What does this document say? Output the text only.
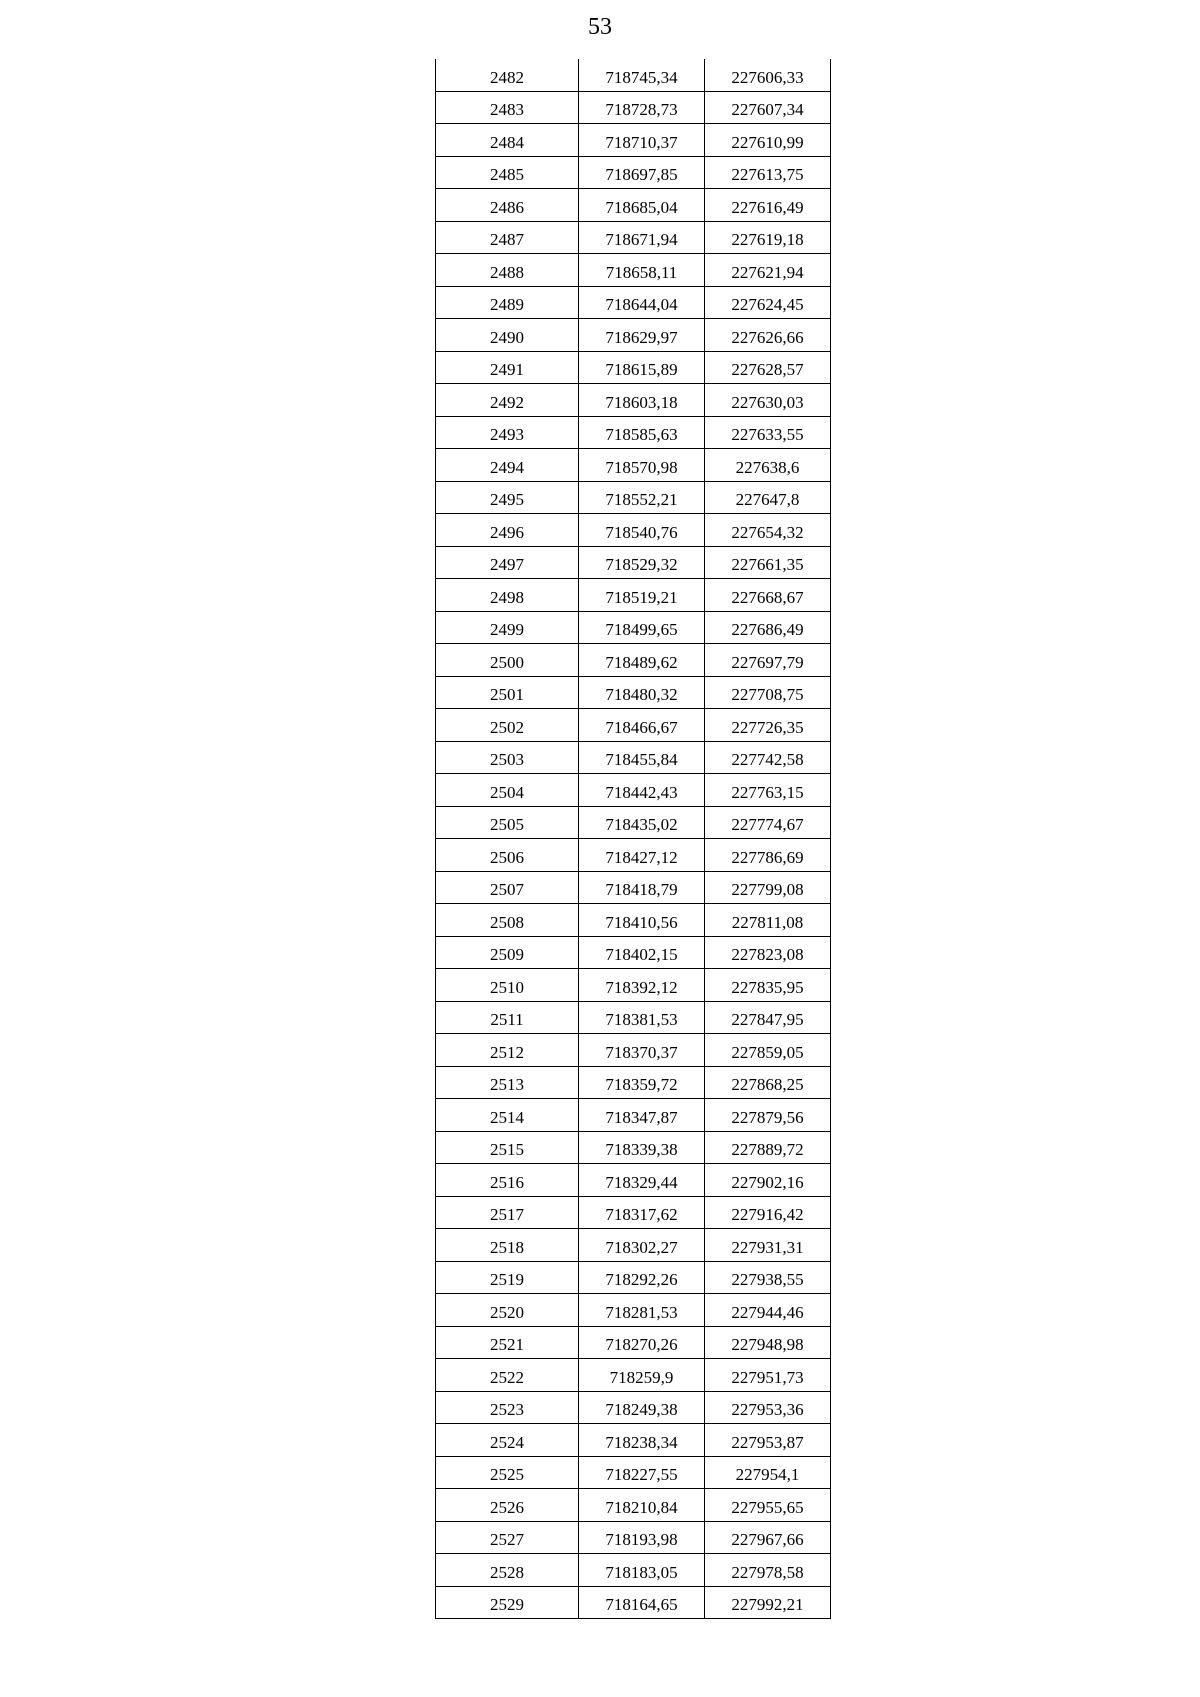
53
2482	718745,34	227606,33
2483	718728,73	227607,34
2484	718710,37	227610,99
2485	718697,85	227613,75
2486	718685,04	227616,49
2487	718671,94	227619,18
2488	718658,11	227621,94
2489	718644,04	227624,45
2490	718629,97	227626,66
2491	718615,89	227628,57
2492	718603,18	227630,03
2493	718585,63	227633,55
2494	718570,98	227638,6
2495	718552,21	227647,8
2496	718540,76	227654,32
2497	718529,32	227661,35
2498	718519,21	227668,67
2499	718499,65	227686,49
2500	718489,62	227697,79
2501	718480,32	227708,75
2502	718466,67	227726,35
2503	718455,84	227742,58
2504	718442,43	227763,15
2505	718435,02	227774,67
2506	718427,12	227786,69
2507	718418,79	227799,08
2508	718410,56	227811,08
2509	718402,15	227823,08
2510	718392,12	227835,95
2511	718381,53	227847,95
2512	718370,37	227859,05
2513	718359,72	227868,25
2514	718347,87	227879,56
2515	718339,38	227889,72
2516	718329,44	227902,16
2517	718317,62	227916,42
2518	718302,27	227931,31
2519	718292,26	227938,55
2520	718281,53	227944,46
2521	718270,26	227948,98
2522	718259,9	227951,73
2523	718249,38	227953,36
2524	718238,34	227953,87
2525	718227,55	227954,1
2526	718210,84	227955,65
2527	718193,98	227967,66
2528	718183,05	227978,58
2529	718164,65	227992,21
